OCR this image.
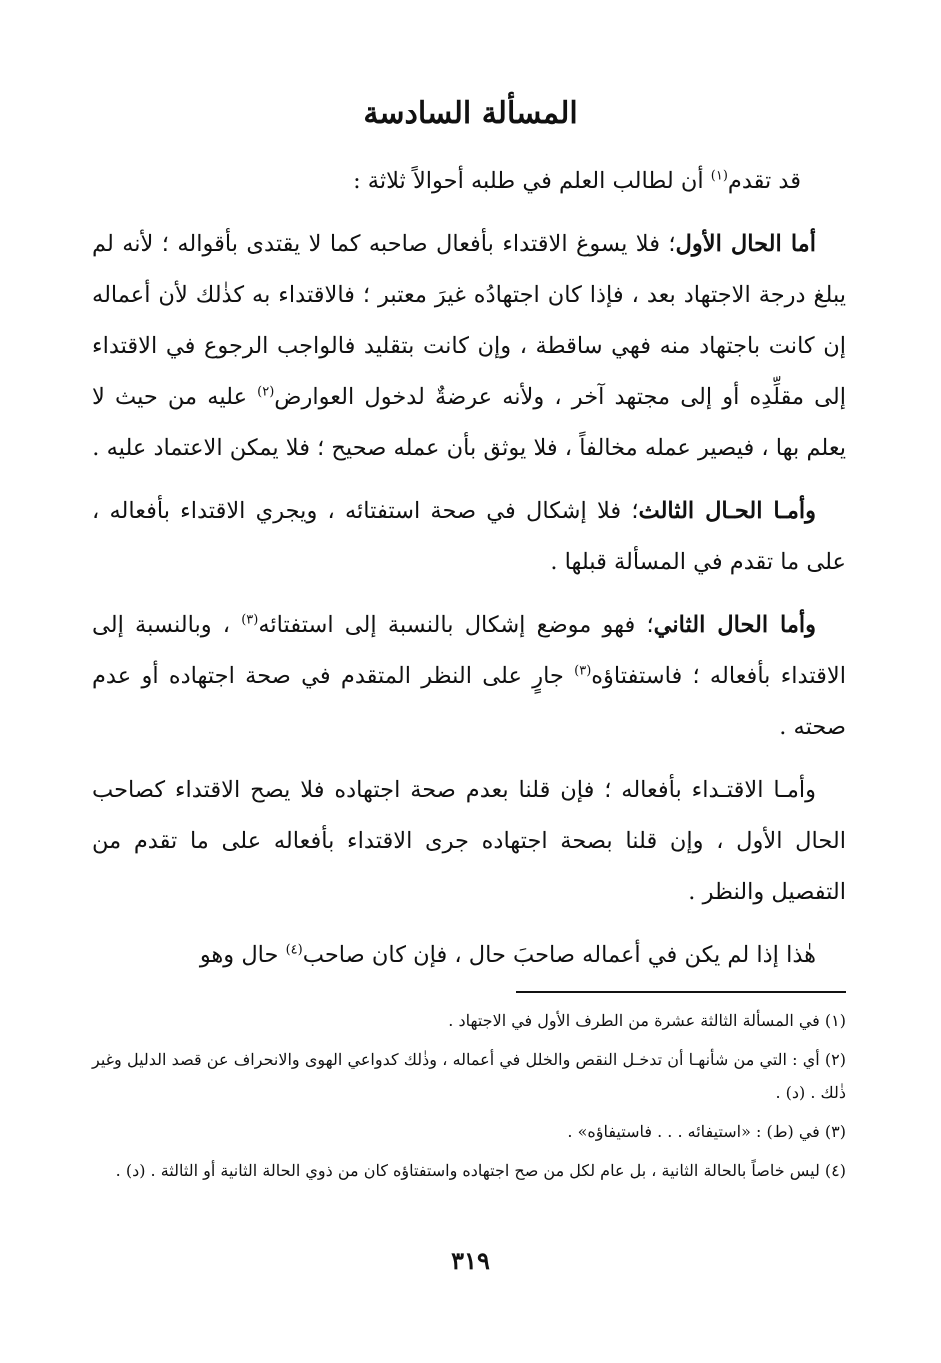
المسألة السادسة

قد تقدم$^{(١)}$ أن لطالب العلم في طلبه أحوالاً ثلاثة :

أما الحال الأول؛ فلا يسوغ الاقتداء بأفعال صاحبه كما لا يقتدى بأقواله ؛ لأنه لم يبلغ درجة الاجتهاد بعد ، فإذا كان اجتهادُه غيرَ معتبر ؛ فالاقتداء به كذٰلك لأن أعماله إن كانت باجتهاد منه فهي ساقطة ، وإن كانت بتقليد فالواجب الرجوع في الاقتداء إلى مقلِّدِه أو إلى مجتهد آخر ، ولأنه عرضةٌ لدخول العوارض$^{(٢)}$ عليه من حيث لا يعلم بها ، فيصير عمله مخالفاً ، فلا يوثق بأن عمله صحيح ؛ فلا يمكن الاعتماد عليه .

وأمـا الحـال الثالث؛ فلا إشكال في صحة استفتائه ، ويجري الاقتداء بأفعاله ، على ما تقدم في المسألة قبلها .

وأما الحال الثاني؛ فهو موضع إشكال بالنسبة إلى استفتائه$^{(٣)}$ ، وبالنسبة إلى الاقتداء بأفعاله ؛ فاستفتاؤه$^{(٣)}$ جارٍ على النظر المتقدم في صحة اجتهاده أو عدم صحته .

وأمـا الاقتـداء بأفعاله ؛ فإن قلنا بعدم صحة اجتهاده فلا يصح الاقتداء كصاحب الحال الأول ، وإن قلنا بصحة اجتهاده جرى الاقتداء بأفعاله على ما تقدم من التفصيل والنظر .

هٰذا إذا لم يكن في أعماله صاحبَ حال ، فإن كان صاحب$^{(٤)}$ حال وهو

(١) في المسألة الثالثة عشرة من الطرف الأول في الاجتهاد .

(٢) أي : التي من شأنهـا أن تدخـل النقص والخلل في أعماله ، وذٰلك كدواعي الهوى والانحراف عن قصد الدليل وغير ذٰلك . (د) .

(٣) في (ط) : «استيفائه . . . فاستيفاؤه» .

(٤) ليس خاصاً بالحالة الثانية ، بل عام لكل من صح اجتهاده واستفتاؤه كان من ذوي الحالة الثانية أو الثالثة . (د) .

٣١٩
